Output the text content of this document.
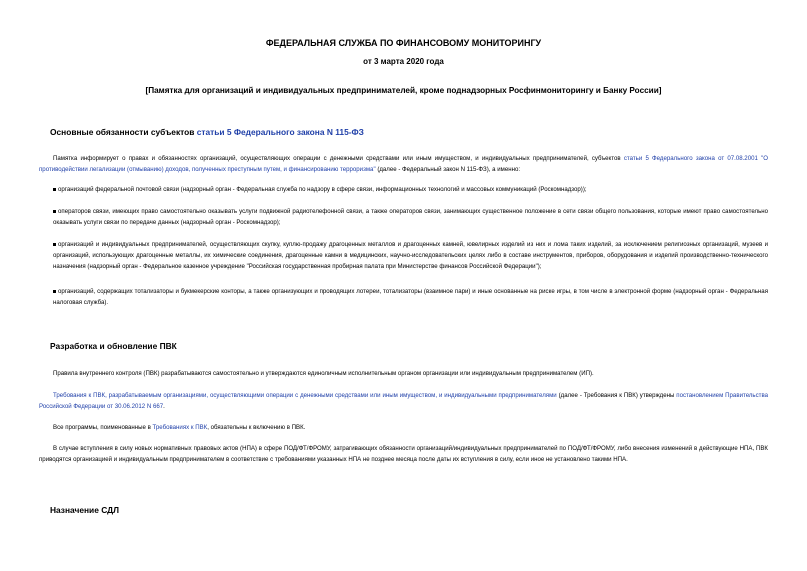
ФЕДЕРАЛЬНАЯ СЛУЖБА ПО ФИНАНСОВОМУ МОНИТОРИНГУ
от 3 марта 2020 года
[Памятка для организаций и индивидуальных предпринимателей, кроме поднадзорных Росфинмониторингу и Банку России]
Основные обязанности субъектов статьи 5 Федерального закона N 115-ФЗ
Памятка информирует о правах и обязанностях организаций, осуществляющих операции с денежными средствами или иным имуществом, и индивидуальных предпринимателей, субъектов статьи 5 Федерального закона от 07.08.2001 "О противодействии легализации (отмыванию) доходов, полученных преступным путем, и финансированию терроризма" (далее - Федеральный закон N 115-ФЗ), а именно:
организаций федеральной почтовой связи (надзорный орган - Федеральная служба по надзору в сфере связи, информационных технологий и массовых коммуникаций (Роскомнадзор));
операторов связи, имеющих право самостоятельно оказывать услуги подвижной радиотелефонной связи, а также операторов связи, занимающих существенное положение в сети связи общего пользования, которые имеют право самостоятельно оказывать услуги связи по передаче данных (надзорный орган - Роскомнадзор);
организаций и индивидуальных предпринимателей, осуществляющих скупку, куплю-продажу драгоценных металлов и драгоценных камней, ювелирных изделий из них и лома таких изделий, за исключением религиозных организаций, музеев и организаций, использующих драгоценные металлы, их химические соединения, драгоценные камни в медицинских, научно-исследовательских целях либо в составе инструментов, приборов, оборудования и изделий производственно-технического назначения (надзорный орган - Федеральное казенное учреждение "Российская государственная пробирная палата при Министерстве финансов Российской Федерации");
организаций, содержащих тотализаторы и букмекерские конторы, а также организующих и проводящих лотереи, тотализаторы (взаимное пари) и иные основанные на риске игры, в том числе в электронной форме (надзорный орган - Федеральная налоговая служба).
Разработка и обновление ПВК
Правила внутреннего контроля (ПВК) разрабатываются самостоятельно и утверждаются единоличным исполнительным органом организации или индивидуальным предпринимателем (ИП).
Требования к ПВК, разрабатываемым организациями, осуществляющими операции с денежными средствами или иным имуществом, и индивидуальными предпринимателями (далее - Требования к ПВК) утверждены постановлением Правительства Российской Федерации от 30.06.2012 N 667.
Все программы, поименованные в Требованиях к ПВК, обязательны к включению в ПВК.
В случае вступления в силу новых нормативных правовых актов (НПА) в сфере ПОД/ФТ/ФРОМУ, затрагивающих обязанности организаций/индивидуальных предпринимателей по ПОД/ФТ/ФРОМУ, либо внесения изменений в действующие НПА, ПВК приводятся организацией и индивидуальным предпринимателем в соответствие с требованиями указанных НПА не позднее месяца после даты их вступления в силу, если иное не установлено такими НПА.
Назначение СДЛ
